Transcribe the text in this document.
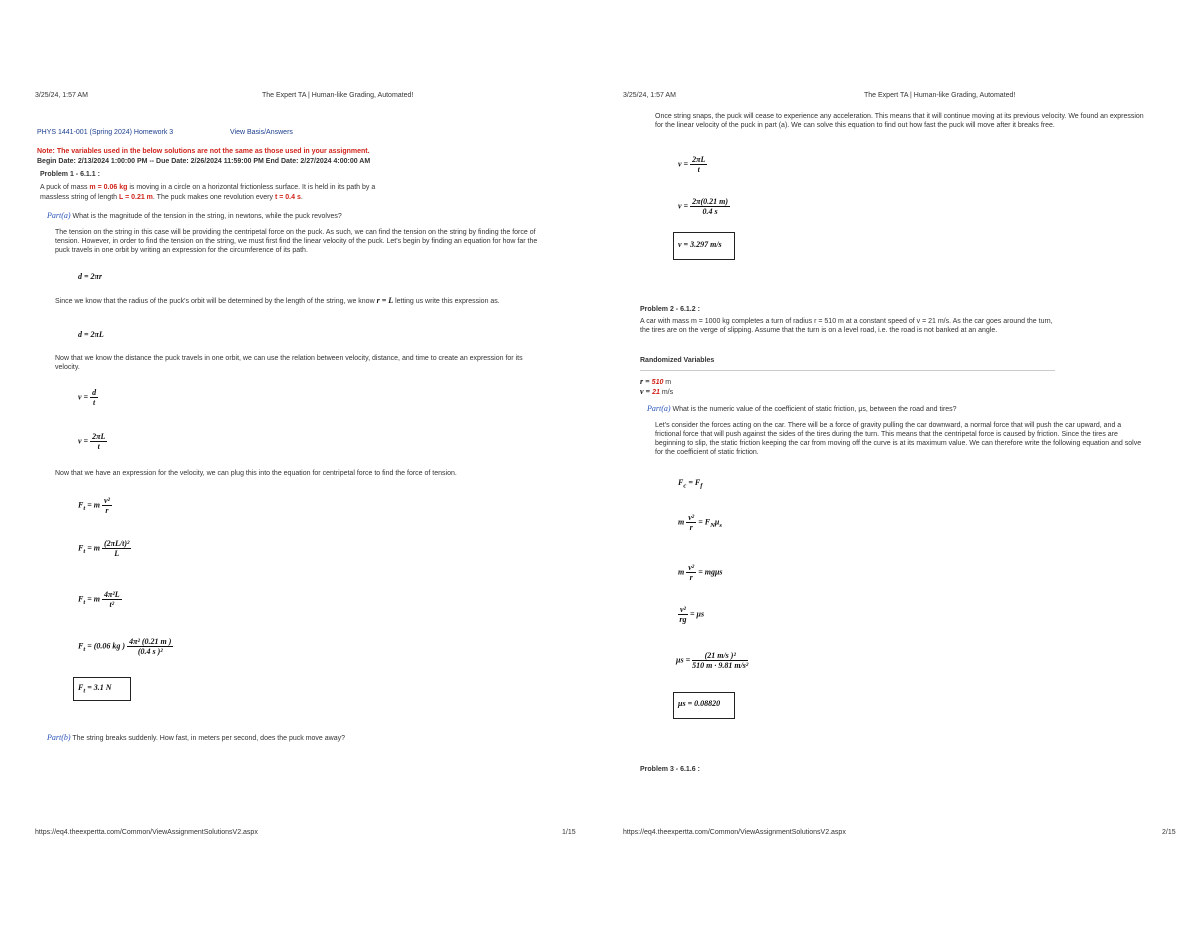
3/25/24, 1:57 AM	The Expert TA | Human-like Grading, Automated!
PHYS 1441-001 (Spring 2024) Homework 3	View Basis/Answers
Note: The variables used in the below solutions are not the same as those used in your assignment.
Begin Date: 2/13/2024 1:00:00 PM -- Due Date: 2/26/2024 11:59:00 PM End Date: 2/27/2024 4:00:00 AM
Problem 1 - 6.1.1 :
A puck of mass m = 0.06 kg is moving in a circle on a horizontal frictionless surface. It is held in its path by a
massless string of length L = 0.21 m. The puck makes one revolution every t = 0.4 s.
Part(a) What is the magnitude of the tension in the string, in newtons, while the puck revolves?
The tension on the string in this case will be providing the centripetal force on the puck. As such, we can find the tension on the string by finding the force of tension. However, in order to find the tension on the string, we must first find the linear velocity of the puck. Let's begin by finding an equation for how far the puck travels in one orbit by writing an expression for the circumference of its path.
d = 2πr
Since we know that the radius of the puck's orbit will be determined by the length of the string, we know r = L letting us write this expression as.
d = 2πL
Now that we know the distance the puck travels in one orbit, we can use the relation between velocity, distance, and time to create an expression for its velocity.
$v = \frac{d}{t}$
$v = \frac{2\pi L}{t}$
Now that we have an expression for the velocity, we can plug this into the equation for centripetal force to find the force of tension.
$F_t = m \frac{\text{v²}}{r}$
$F_t = m \frac{\text{(2πL/t)²}}{L}$
$F_t = m \frac{\text{4π²L}}{\text{t²}}$
$F_t = (0.06$ kg ) $\frac{\text{4π² (0.21 m )}}{\text{(0.4 s )²}}$
$F_t = 3.1$ N
Part(b) The string breaks suddenly. How fast, in meters per second, does the puck move away?
https://eq4.theexpertta.com/Common/ViewAssignmentSolutionsV2.aspx	1/15
3/25/24, 1:57 AM	The Expert TA | Human-like Grading, Automated!
Once string snaps, the puck will cease to experience any acceleration. This means that it will continue moving at its previous velocity. We found an expression for the linear velocity of the puck in part (a). We can solve this equation to find out how fast the puck will move after it breaks free.
$v = \frac{2\pi L}{t}$
$v = \frac{2\pi(0.21 m)}{0.4 s}$
v = 3.297 m/s
Problem 2 - 6.1.2 :
A car with mass m = 1000 kg completes a turn of radius r = 510 m at a constant speed of v = 21 m/s. As the car goes around the turn, the tires are on the verge of slipping. Assume that the turn is on a level road, i.e. the road is not banked at an angle.
Randomized Variables
r = 510 m
v = 21 m/s
Part(a) What is the numeric value of the coefficient of static friction, μs, between the road and tires?
Let's consider the forces acting on the car. There will be a force of gravity pulling the car downward, a normal force that will push the car upward, and a frictional force that will push against the sides of the tires during the turn. This means that the centripetal force is caused by friction. Since the tires are beginning to slip, the static friction keeping the car from moving off the curve is at its maximum value. We can therefore write the following equation and solve for the coefficient of static friction.
$F_c = F_f$
m $\frac{\text{v²}}{r} = F_N\mu_s$
m $\frac{\text{v²}}{r} = mg\mu s$
$\frac{\text{v²}}{rg} = \mu s$
$\mu s = \frac{\text{(21 m/s )²}}{\text{510 m · 9.81 m/s²}}$
μs = 0.08820
Problem 3 - 6.1.6 :
https://eq4.theexpertta.com/Common/ViewAssignmentSolutionsV2.aspx	2/15
